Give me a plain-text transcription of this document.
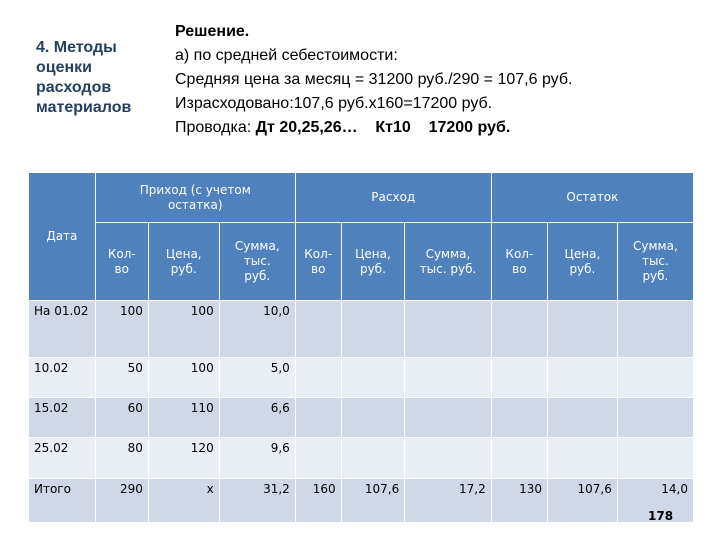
4. Методы
оценки
расходов
материалов
Решение.
а) по средней себестоимости:
Средняя цена за месяц = 31200 руб./290 = 107,6 руб.
Израсходовано:107,6 руб.х160=17200 руб.
Проводка: Дт 20,25,26…    Кт10    17200 руб.
Дата	Приход (с учетом остатка)			Расход			Остаток		

	Кол-во	Цена, руб.	Сумма, тыс. руб.	Кол-во	Цена, руб.	Сумма, тыс. руб.	Кол-во	Цена, руб.	Сумма, тыс. руб.

На 01.02	100	100	10,0						
10.02	50	100	5,0						
15.02	60	110	6,6						
25.02	80	120	9,6						
Итого	290	х	31,2	160	107,6	17,2	130	107,6	14,0
178
